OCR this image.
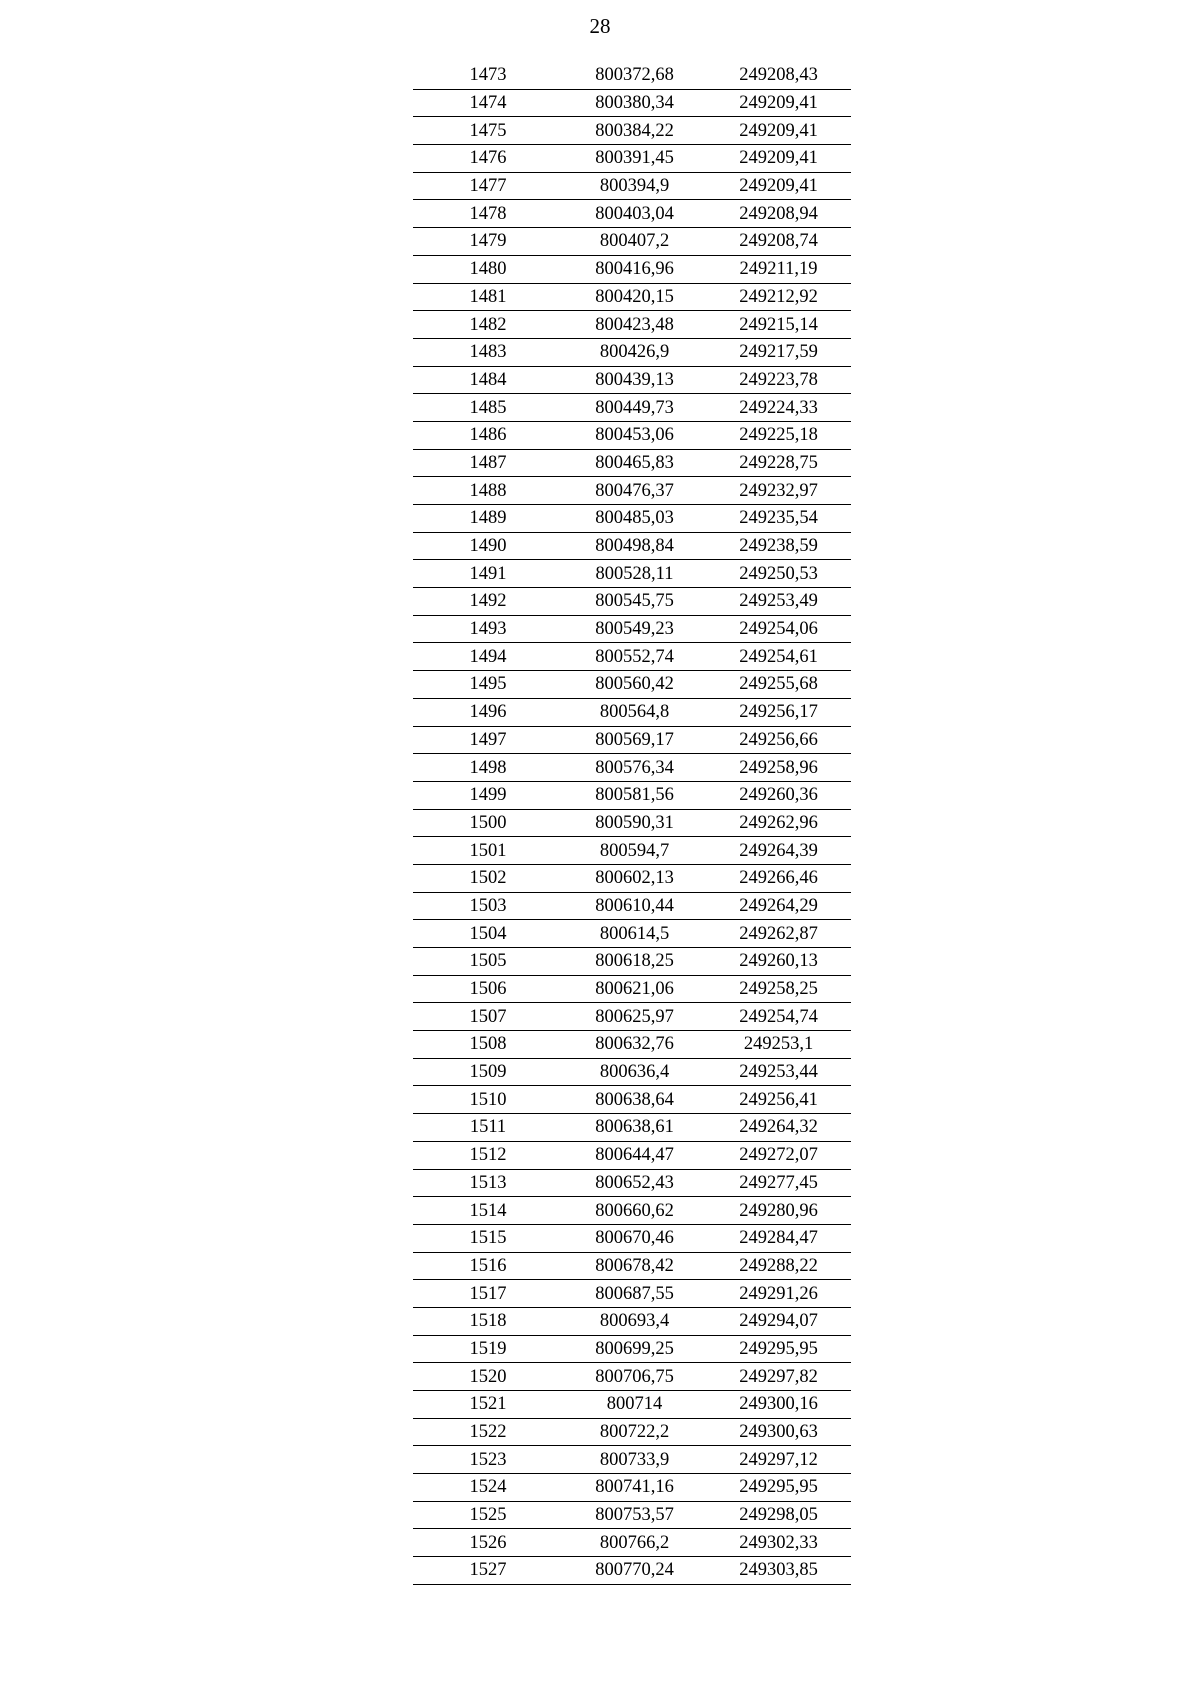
28
1473	800372,68	249208,43
1474	800380,34	249209,41
1475	800384,22	249209,41
1476	800391,45	249209,41
1477	800394,9	249209,41
1478	800403,04	249208,94
1479	800407,2	249208,74
1480	800416,96	249211,19
1481	800420,15	249212,92
1482	800423,48	249215,14
1483	800426,9	249217,59
1484	800439,13	249223,78
1485	800449,73	249224,33
1486	800453,06	249225,18
1487	800465,83	249228,75
1488	800476,37	249232,97
1489	800485,03	249235,54
1490	800498,84	249238,59
1491	800528,11	249250,53
1492	800545,75	249253,49
1493	800549,23	249254,06
1494	800552,74	249254,61
1495	800560,42	249255,68
1496	800564,8	249256,17
1497	800569,17	249256,66
1498	800576,34	249258,96
1499	800581,56	249260,36
1500	800590,31	249262,96
1501	800594,7	249264,39
1502	800602,13	249266,46
1503	800610,44	249264,29
1504	800614,5	249262,87
1505	800618,25	249260,13
1506	800621,06	249258,25
1507	800625,97	249254,74
1508	800632,76	249253,1
1509	800636,4	249253,44
1510	800638,64	249256,41
1511	800638,61	249264,32
1512	800644,47	249272,07
1513	800652,43	249277,45
1514	800660,62	249280,96
1515	800670,46	249284,47
1516	800678,42	249288,22
1517	800687,55	249291,26
1518	800693,4	249294,07
1519	800699,25	249295,95
1520	800706,75	249297,82
1521	800714	249300,16
1522	800722,2	249300,63
1523	800733,9	249297,12
1524	800741,16	249295,95
1525	800753,57	249298,05
1526	800766,2	249302,33
1527	800770,24	249303,85
